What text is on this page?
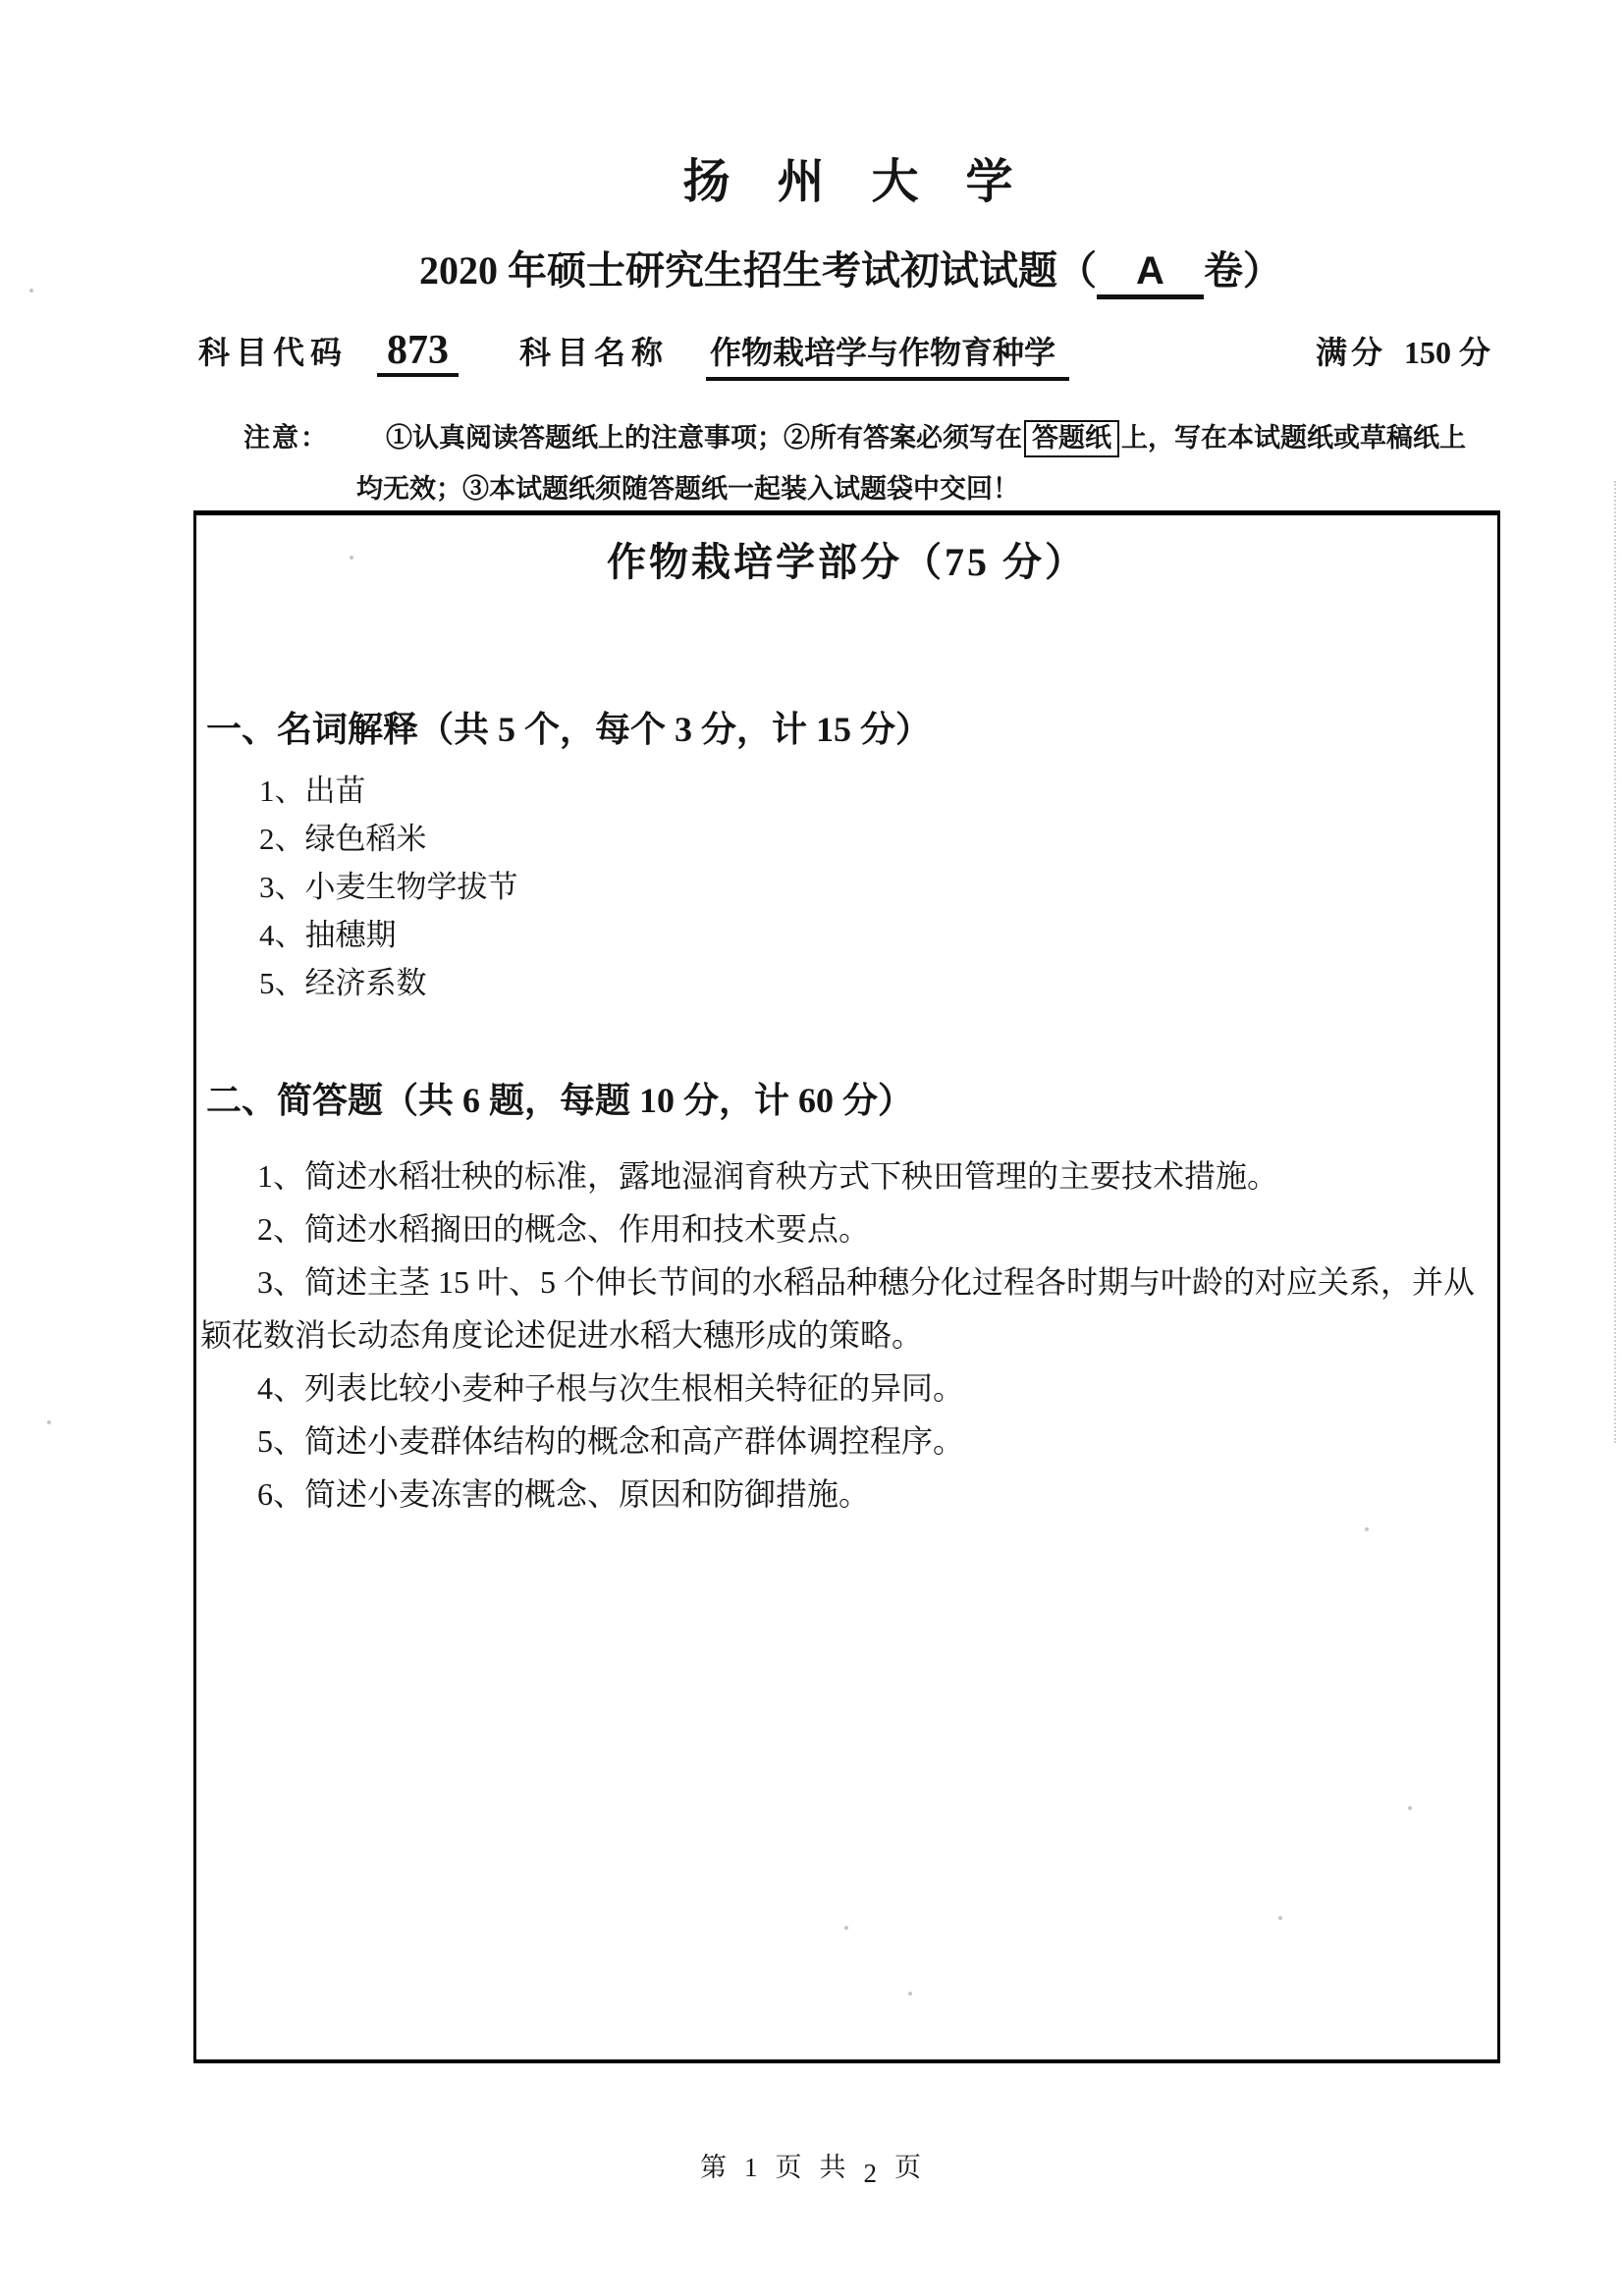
扬 州 大 学
2020 年硕士研究生招生考试初试试题（ A 卷）
科目代码 873	科目名称 作物栽培学与作物育种学	满分 150 分
注意： ①认真阅读答题纸上的注意事项；②所有答案必须写在 答题纸 上，写在本试题纸或草稿纸上
均无效；③本试题纸须随答题纸一起装入试题袋中交回！
作物栽培学部分（75 分）
一、名词解释（共 5 个，每个 3 分，计 15 分）

1、出苗

2、绿色稻米

3、小麦生物学拔节

4、抽穗期

5、经济系数

二、简答题（共 6 题，每题 10 分，计 60 分）

1、简述水稻壮秧的标准，露地湿润育秧方式下秧田管理的主要技术措施。

2、简述水稻搁田的概念、作用和技术要点。

3、简述主茎 15 叶、5 个伸长节间的水稻品种穗分化过程各时期与叶龄的对应关系，并从颖花数消长动态角度论述促进水稻大穗形成的策略。

4、列表比较小麦种子根与次生根相关特征的异同。

5、简述小麦群体结构的概念和高产群体调控程序。

6、简述小麦冻害的概念、原因和防御措施。

第 1 页 共 2 页
